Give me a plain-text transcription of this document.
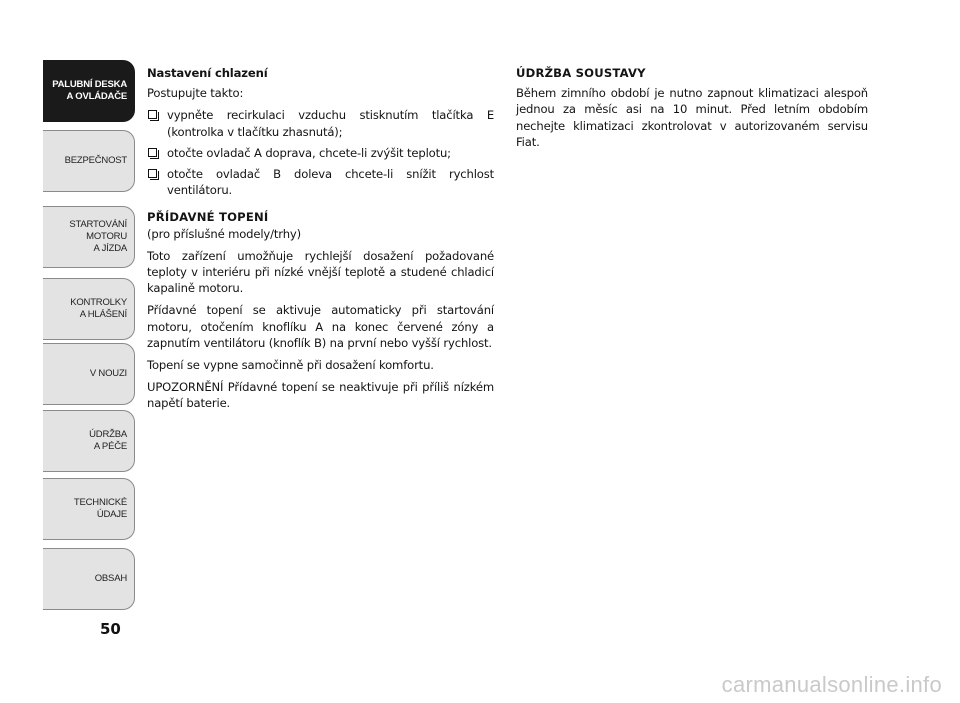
PALUBNÍ DESKA
A OVLÁDAČE
BEZPEČNOST
STARTOVÁNÍ
MOTORU
A JÍZDA
KONTROLKY
A HLÁŠENÍ
V NOUZI
ÚDRŽBA
A PÉČE
TECHNICKÉ
ÚDAJE
OBSAH
50
Nastavení chlazení

Postupujte takto:

vypněte recirkulaci vzduchu stisknutím tlačítka E (kontrolka v tlačítku zhasnutá);
otočte ovladač A doprava, chcete-li zvýšit teplotu;
otočte ovladač B doleva chcete-li snížit rychlost ventilátoru.
PŘÍDAVNÉ TOPENÍ

(pro příslušné modely/trhy)

Toto zařízení umožňuje rychlejší dosažení požadované teploty v interiéru při nízké vnější teplotě a studené chladicí kapalině motoru.

Přídavné topení se aktivuje automaticky při startování motoru, otočením knoflíku A na konec červené zóny a zapnutím ventilátoru (knoflík B) na první nebo vyšší rychlost.

Topení se vypne samočinně při dosažení komfortu.

UPOZORNĚNÍ Přídavné topení se neaktivuje při příliš nízkém napětí baterie.

ÚDRŽBA SOUSTAVY

Během zimního období je nutno zapnout klimatizaci alespoň jednou za měsíc asi na 10 minut. Před letním obdobím nechejte klimatizaci zkontrolovat v autorizovaném servisu Fiat.

carmanualsonline.info
